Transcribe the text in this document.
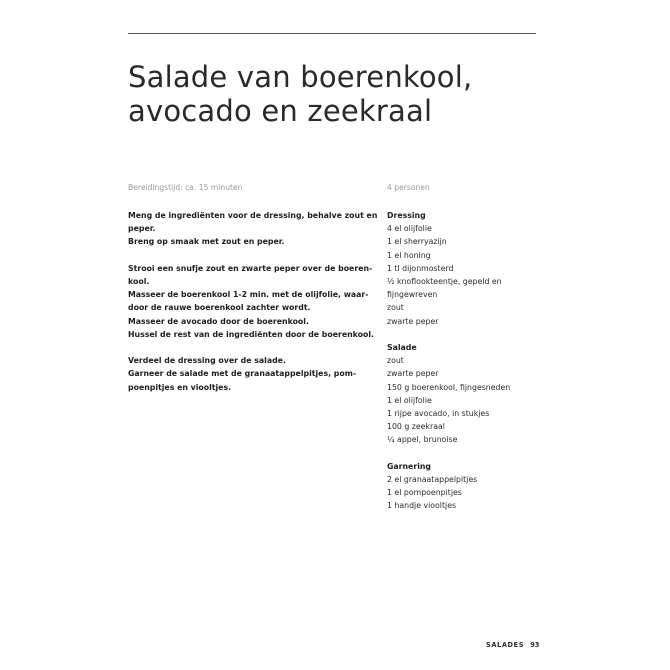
Salade van boerenkool,
avocado en zeekraal
Bereidingstijd: ca. 15 minuten	4 personen

Meng de ingrediënten voor de dressing, behalve zout en
peper.
Breng op smaak met zout en peper.

Strooi een snufje zout en zwarte peper over de boeren-
kool.
Masseer de boerenkool 1-2 min. met de olijfolie, waar-
door de rauwe boerenkool zachter wordt.
Masseer de avocado door de boerenkool.
Hussel de rest van de ingrediënten door de boerenkool.

Verdeel de dressing over de salade.
Garneer de salade met de granaatappelpitjes, pom-
poenpitjes en viooltjes.

Dressing
4 el olijfolie
1 el sherryazijn
1 el honing
1 tl dijonmosterd
½ knoflookteentje, gepeld en
fijngewreven
zout
zwarte peper
Salade
zout
zwarte peper
150 g boerenkool, fijngesneden
1 el olijfolie
1 rijpe avocado, in stukjes
100 g zeekraal
¼ appel, brunoise
Garnering
2 el granaatappelpitjes
1 el pompoenpitjes
1 handje viooltjes
SALADES 93
